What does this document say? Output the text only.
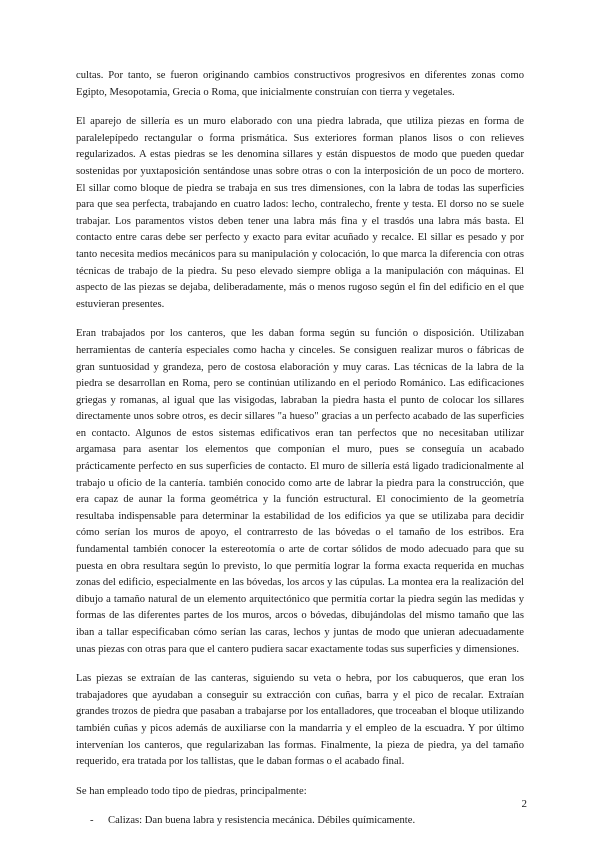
cultas. Por tanto, se fueron originando cambios constructivos progresivos en diferentes zonas como Egipto, Mesopotamia, Grecia o Roma, que inicialmente construían con tierra y vegetales.

El aparejo de sillería es un muro elaborado con una piedra labrada, que utiliza piezas en forma de paralelepípedo rectangular o forma prismática. Sus exteriores forman planos lisos o con relieves regularizados. A estas piedras se les denomina sillares y están dispuestos de modo que pueden quedar sostenidas por yuxtaposición sentándose unas sobre otras o con la interposición de un poco de mortero. El sillar como bloque de piedra se trabaja en sus tres dimensiones, con la labra de todas las superficies para que sea perfecta, trabajando en cuatro lados: lecho, contralecho, frente y testa. El dorso no se suele trabajar. Los paramentos vistos deben tener una labra más fina y el trasdós una labra más basta. El contacto entre caras debe ser perfecto y exacto para evitar acuñado y recalce. El sillar es pesado y por tanto necesita medios mecánicos para su manipulación y colocación, lo que marca la diferencia con otras técnicas de trabajo de la piedra. Su peso elevado siempre obliga a la manipulación con máquinas. El aspecto de las piezas se dejaba, deliberadamente, más o menos rugoso según el fin del edificio en el que estuvieran presentes.

Eran trabajados por los canteros, que les daban forma según su función o disposición. Utilizaban herramientas de cantería especiales como hacha y cinceles. Se consiguen realizar muros o fábricas de gran suntuosidad y grandeza, pero de costosa elaboración y muy caras. Las técnicas de la labra de la piedra se desarrollan en Roma, pero se continúan utilizando en el periodo Románico. Las edificaciones griegas y romanas, al igual que las visigodas, labraban la piedra hasta el punto de colocar los sillares directamente unos sobre otros, es decir sillares "a hueso" gracias a un perfecto acabado de las superficies en contacto. Algunos de estos sistemas edificativos eran tan perfectos que no necesitaban utilizar argamasa para asentar los elementos que componían el muro, pues se conseguía un acabado prácticamente perfecto en sus superficies de contacto. El muro de sillería está ligado tradicionalmente al trabajo u oficio de la cantería. también conocido como arte de labrar la piedra para la construcción, que era capaz de aunar la forma geométrica y la función estructural. El conocimiento de la geometría resultaba indispensable para determinar la estabilidad de los edificios ya que se utilizaba para decidir cómo serían los muros de apoyo, el contrarresto de las bóvedas o el tamaño de los estribos. Era fundamental también conocer la estereotomía o arte de cortar sólidos de modo adecuado para que su puesta en obra resultara según lo previsto, lo que permitía lograr la forma exacta requerida en muchas zonas del edificio, especialmente en las bóvedas, los arcos y las cúpulas. La montea era la realización del dibujo a tamaño natural de un elemento arquitectónico que permitía cortar la piedra según las medidas y formas de las diferentes partes de los muros, arcos o bóvedas, dibujándolas del mismo tamaño que las iban a tallar especificaban cómo serían las caras, lechos y juntas de modo que unieran adecuadamente unas piezas con otras para que el cantero pudiera sacar exactamente todas sus superficies y dimensiones.

Las piezas se extraían de las canteras, siguiendo su veta o hebra, por los cabuqueros, que eran los trabajadores que ayudaban a conseguir su extracción con cuñas, barra y el pico de recalar. Extraían grandes trozos de piedra que pasaban a trabajarse por los entalladores, que troceaban el bloque utilizando también cuñas y picos además de auxiliarse con la mandarria y el empleo de la escuadra. Y por último intervenían los canteros, que regularizaban las formas. Finalmente, la pieza de piedra, ya del tamaño requerido, era tratada por los tallistas, que le daban formas o el acabado final.

Se han empleado todo tipo de piedras, principalmente:

- Calizas: Dan buena labra y resistencia mecánica. Débiles químicamente.
2
